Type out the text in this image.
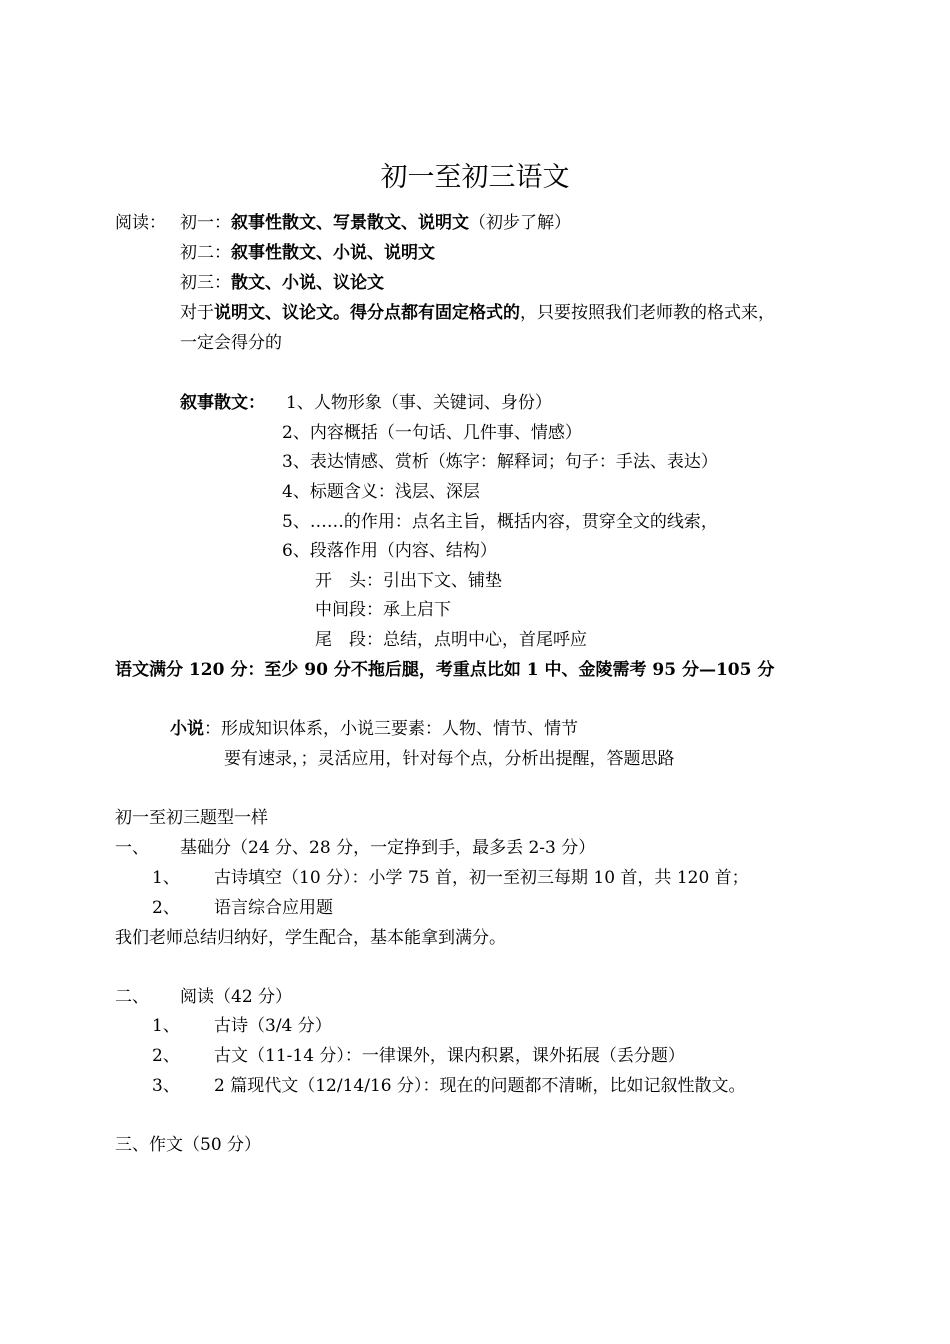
初一至初三语文
阅读： 初一：叙事性散文、写景散文、说明文（初步了解）
初二：叙事性散文、小说、说明文
初三：散文、小说、议论文
对于说明文、议论文。得分点都有固定格式的，只要按照我们老师教的格式来，
一定会得分的
叙事散文： 1、人物形象（事、关键词、身份）
2、内容概括（一句话、几件事、情感）
3、表达情感、赏析（炼字：解释词；句子：手法、表达）
4、标题含义：浅层、深层
5、……的作用：点名主旨，概括内容，贯穿全文的线索，
6、段落作用（内容、结构）
开　头：引出下文、铺垫
中间段：承上启下
尾　段：总结，点明中心，首尾呼应
语文满分 120 分：至少 90 分不拖后腿，考重点比如 1 中、金陵需考 95 分—105 分
小说：形成知识体系，小说三要素：人物、情节、情节
要有速录，；灵活应用，针对每个点，分析出提醒，答题思路
初一至初三题型一样
一、 基础分（24 分、28 分，一定挣到手，最多丢 2-3 分）
1、 古诗填空（10 分）：小学 75 首，初一至初三每期 10 首，共 120 首；
2、 语言综合应用题
我们老师总结归纳好，学生配合，基本能拿到满分。
二、 阅读（42 分）
1、 古诗（3/4 分）
2、 古文（11-14 分）：一律课外，课内积累，课外拓展（丢分题）
3、 2 篇现代文（12/14/16 分）：现在的问题都不清晰，比如记叙性散文。
三、作文（50 分）
